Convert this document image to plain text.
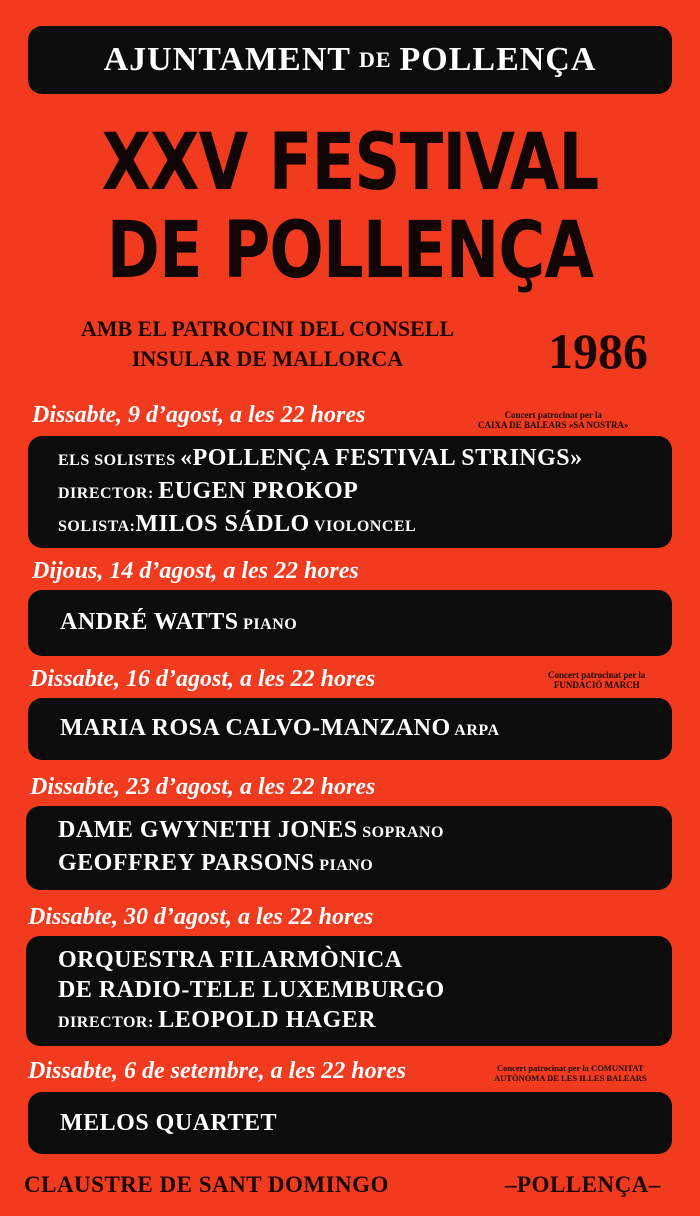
AJUNTAMENT DE POLLENÇA
XXV FESTIVAL
DE POLLENÇA
AMB EL PATROCINI DEL CONSELL
INSULAR DE MALLORCA	1986
Dissabte, 9 d’agost, a les 22 hores	Concert patrocinat per la
CAIXA DE BALEARS «SA NOSTRA»
ELS SOLISTES «POLLENÇA FESTIVAL STRINGS»
DIRECTOR: EUGEN PROKOP
SOLISTA:MILOS SÁDLO VIOLONCEL
Dijous, 14 d’agost, a les 22 hores
ANDRÉ WATTS PIANO
Dissabte, 16 d’agost, a les 22 hores	Concert patrocinat per la
FUNDACIÓ MARCH
MARIA ROSA CALVO-MANZANO ARPA
Dissabte, 23 d’agost, a les 22 hores
DAME GWYNETH JONES SOPRANO
GEOFFREY PARSONS PIANO
Dissabte, 30 d’agost, a les 22 hores
ORQUESTRA FILARMÒNICA
DE RADIO-TELE LUXEMBURGO
DIRECTOR: LEOPOLD HAGER
Dissabte, 6 de setembre, a les 22 hores	Concert patrocinat per la COMUNITAT
AUTÒNOMA DE LES ILLES BALEARS
MELOS QUARTET
CLAUSTRE DE SANT DOMINGO	–POLLENÇA–
